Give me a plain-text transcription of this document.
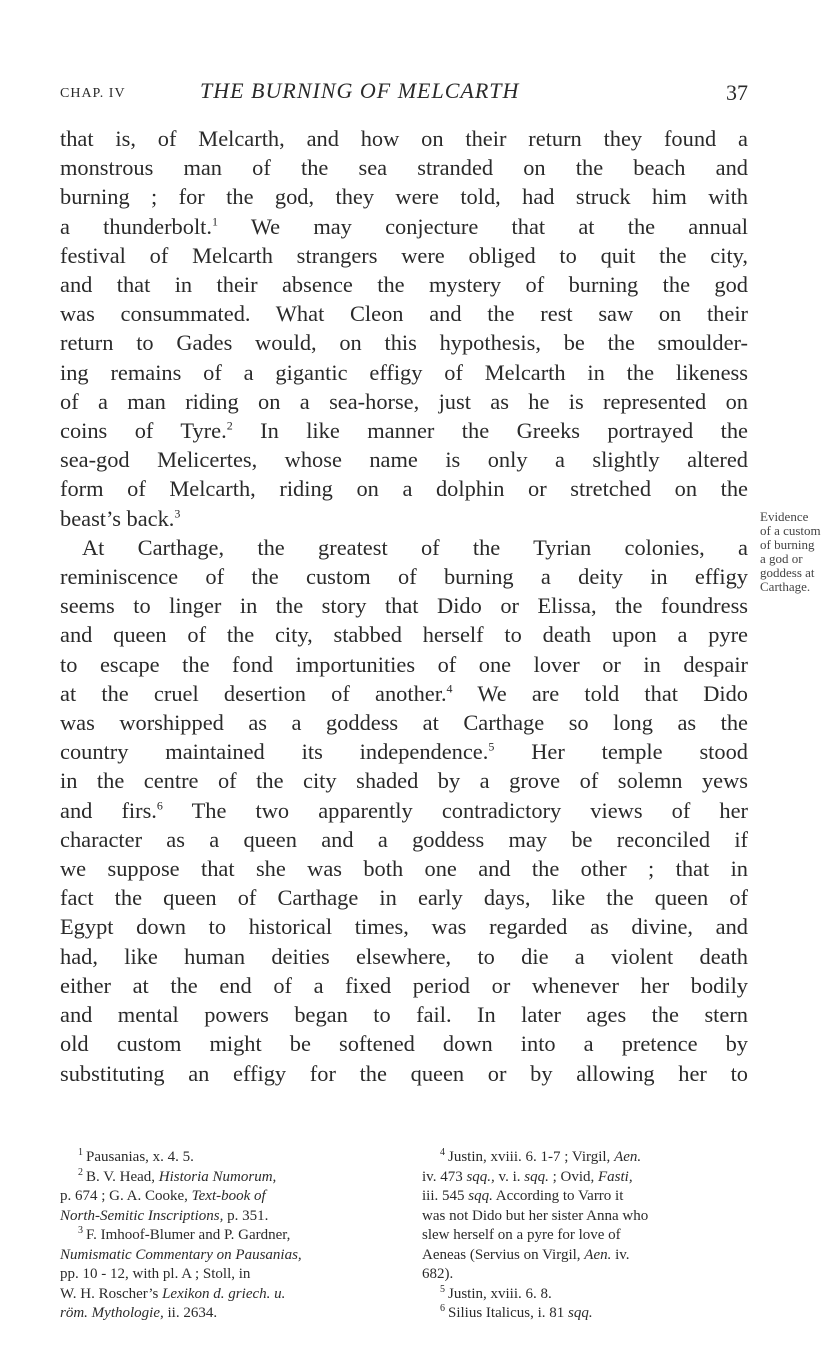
CHAP. IV	THE BURNING OF MELCARTH	37

that is, of Melcarth, and how on their return they found a

monstrous man of the sea stranded on the beach and

burning ; for the god, they were told, had struck him with

a thunderbolt.$^1$ We may conjecture that at the annual

festival of Melcarth strangers were obliged to quit the city,

and that in their absence the mystery of burning the god

was consummated. What Cleon and the rest saw on their

return to Gades would, on this hypothesis, be the smoulder-

ing remains of a gigantic effigy of Melcarth in the likeness

of a man riding on a sea-horse, just as he is represented on

coins of Tyre.$^2$ In like manner the Greeks portrayed the

sea-god Melicertes, whose name is only a slightly altered

form of Melcarth, riding on a dolphin or stretched on the

beast’s back.$^3$

At Carthage, the greatest of the Tyrian colonies, a

reminiscence of the custom of burning a deity in effigy

seems to linger in the story that Dido or Elissa, the foundress

and queen of the city, stabbed herself to death upon a pyre

to escape the fond importunities of one lover or in despair

at the cruel desertion of another.$^4$ We are told that Dido

was worshipped as a goddess at Carthage so long as the

country maintained its independence.$^5$ Her temple stood

in the centre of the city shaded by a grove of solemn yews

and firs.$^6$ The two apparently contradictory views of her

character as a queen and a goddess may be reconciled if

we suppose that she was both one and the other ; that in

fact the queen of Carthage in early days, like the queen of

Egypt down to historical times, was regarded as divine, and

had, like human deities elsewhere, to die a violent death

either at the end of a fixed period or whenever her bodily

and mental powers began to fail. In later ages the stern

old custom might be softened down into a pretence by

substituting an effigy for the queen or by allowing her to

Evidence
of a custom
of burning
a god or
goddess at
Carthage.

$^1$ Pausanias, x. 4. 5.

$^2$ B. V. Head, Historia Numorum,

p. 674 ; G. A. Cooke, Text-book of

North-Semitic Inscriptions, p. 351.

$^3$ F. Imhoof-Blumer and P. Gardner,

Numismatic Commentary on Pausanias,

pp. 10 - 12, with pl. A ; Stoll, in

W. H. Roscher’s Lexikon d. griech. u.

röm. Mythologie, ii. 2634.

$^4$ Justin, xviii. 6. 1-7 ; Virgil, Aen.

iv. 473 sqq., v. i. sqq. ; Ovid, Fasti,

iii. 545 sqq. According to Varro it

was not Dido but her sister Anna who

slew herself on a pyre for love of

Aeneas (Servius on Virgil, Aen. iv.

682).

$^5$ Justin, xviii. 6. 8.

$^6$ Silius Italicus, i. 81 sqq.
